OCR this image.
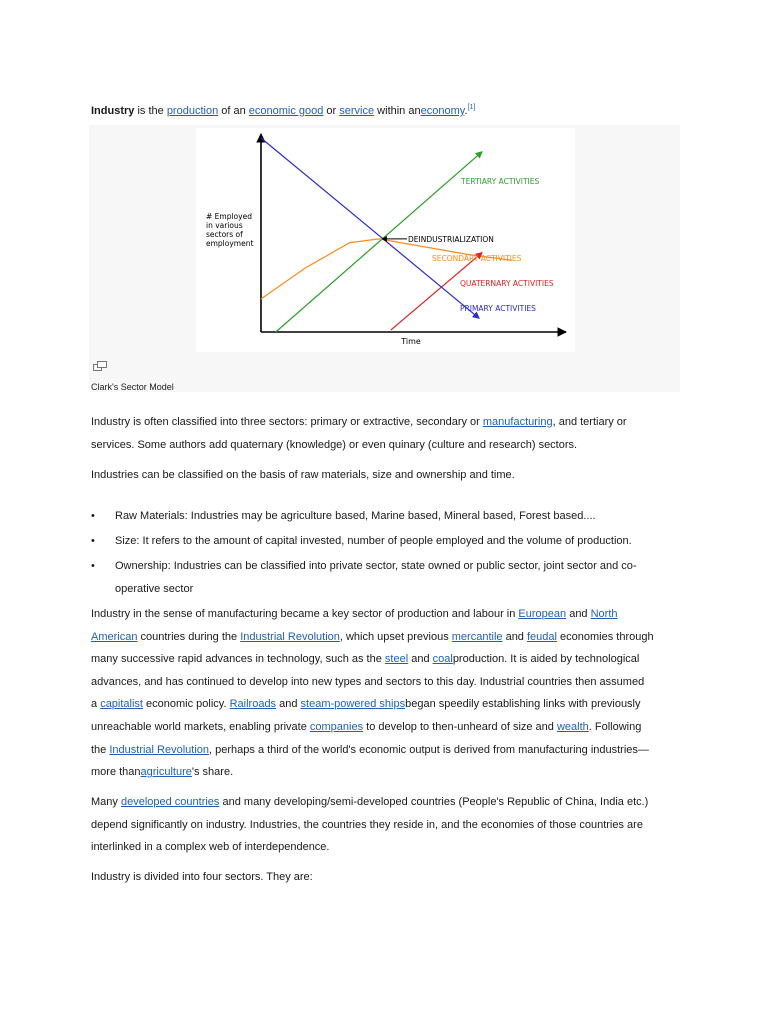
Industry is the production of an economic good or service within aneconomy.[1]
Time
# Employed
in various
sectors of
employment
TERTIARY ACTIVITIES
SECONDARY ACTIVITIES
QUATERNARY ACTIVITIES
PRIMARY ACTIVITIES
DEINDUSTRIALIZATION
Clark's Sector Model
Industry is often classified into three sectors: primary or extractive, secondary or manufacturing, and tertiary or
services. Some authors add quaternary (knowledge) or even quinary (culture and research) sectors.
Industries can be classified on the basis of raw materials, size and ownership and time.
• Raw Materials: Industries may be agriculture based, Marine based, Mineral based, Forest based....
• Size: It refers to the amount of capital invested, number of people employed and the volume of production.
• Ownership: Industries can be classified into private sector, state owned or public sector, joint sector and co-
operative sector
Industry in the sense of manufacturing became a key sector of production and labour in European and North
American countries during the Industrial Revolution, which upset previous mercantile and feudal economies through
many successive rapid advances in technology, such as the steel and coalproduction. It is aided by technological
advances, and has continued to develop into new types and sectors to this day. Industrial countries then assumed
a capitalist economic policy. Railroads and steam-powered shipsbegan speedily establishing links with previously
unreachable world markets, enabling private companies to develop to then-unheard of size and wealth. Following
the Industrial Revolution, perhaps a third of the world's economic output is derived from manufacturing industries—
more thanagriculture's share.
Many developed countries and many developing/semi-developed countries (People's Republic of China, India etc.)
depend significantly on industry. Industries, the countries they reside in, and the economies of those countries are
interlinked in a complex web of interdependence.
Industry is divided into four sectors. They are:
